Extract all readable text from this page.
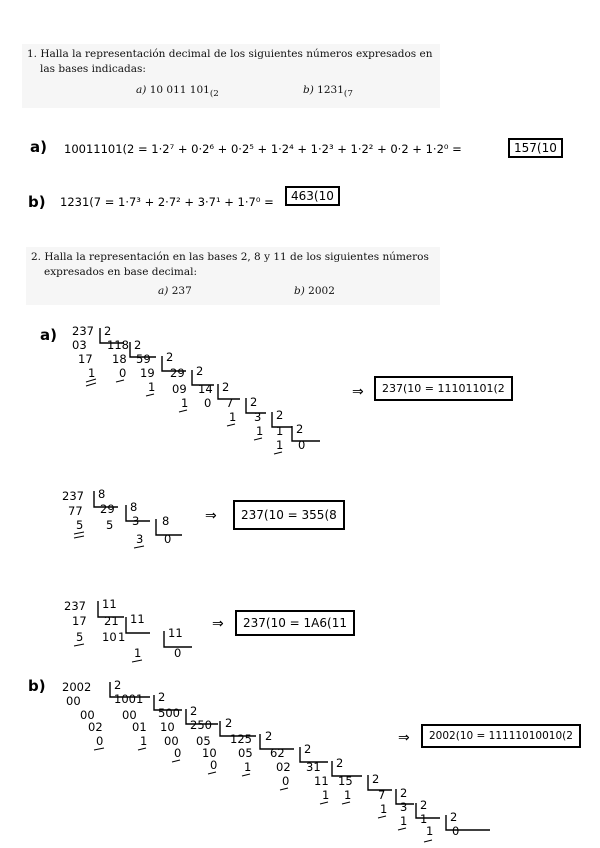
1. Halla la representación decimal de los siguientes números expresados en las bases indicadas:
a) 10 011 $101_{(2}$	b) $1231_{(7}$
a) 10011101(2 = 1·2⁷ + 0·2⁶ + 0·2⁵ + 1·2⁴ + 1·2³ + 1·2² + 0·2 + 1·2⁰ =	157(10
b) 1231(7 = 1·7³ + 2·7² + 3·7¹ + 1·7⁰ =	463(10
2. Halla la representación en las bases 2, 8 y 11 de los siguientes números expresados en base decimal:
a) 237	b) 2002
a)
b)
237 2
03 118 2
17 18 59 2
1 0 19 29 2
1 09 14 2
1 0 7 2
1 3 2
1 1 2
1 0
237 8
77 29 8
5 5 3 8
3 0
237 11
17 21 11
5 10 1	11
1	0
2002 2
00	1001 2
00 00 500 2
02	01 10 250 2
0	1 00 05 125 2
0 10 05 62 2
0 1 02 31 2
0 11 15 2
1 1 7 2
1 3 2
1 1 2
1 0
⇒	237(10 = 11101101(2
⇒	237(10 = 355(8
⇒	237(10 = 1A6(11
⇒	2002(10 = 11111010010(2
